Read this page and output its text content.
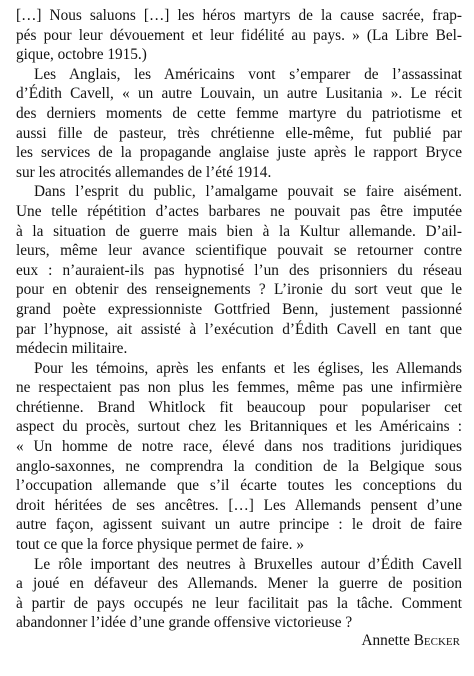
[…] Nous saluons […] les héros martyrs de la cause sacrée, frap-
pés pour leur dévouement et leur fidélité au pays. » (La Libre Bel-
gique, octobre 1915.)

Les Anglais, les Américains vont s’emparer de l’assassinat
d’Édith Cavell, « un autre Louvain, un autre Lusitania ». Le récit
des derniers moments de cette femme martyre du patriotisme et
aussi fille de pasteur, très chrétienne elle-même, fut publié par
les services de la propagande anglaise juste après le rapport Bryce
sur les atrocités allemandes de l’été 1914.

Dans l’esprit du public, l’amalgame pouvait se faire aisément.
Une telle répétition d’actes barbares ne pouvait pas être imputée
à la situation de guerre mais bien à la Kultur allemande. D’ail-
leurs, même leur avance scientifique pouvait se retourner contre
eux : n’auraient-ils pas hypnotisé l’un des prisonniers du réseau
pour en obtenir des renseignements ? L’ironie du sort veut que le
grand poète expressionniste Gottfried Benn, justement passionné
par l’hypnose, ait assisté à l’exécution d’Édith Cavell en tant que
médecin militaire.

Pour les témoins, après les enfants et les églises, les Allemands
ne respectaient pas non plus les femmes, même pas une infirmière
chrétienne. Brand Whitlock fit beaucoup pour populariser cet
aspect du procès, surtout chez les Britanniques et les Américains :
« Un homme de notre race, élevé dans nos traditions juridiques
anglo-saxonnes, ne comprendra la condition de la Belgique sous
l’occupation allemande que s’il écarte toutes les conceptions du
droit héritées de ses ancêtres. […] Les Allemands pensent d’une
autre façon, agissent suivant un autre principe : le droit de faire
tout ce que la force physique permet de faire. »

Le rôle important des neutres à Bruxelles autour d’Édith Cavell
a joué en défaveur des Allemands. Mener la guerre de position
à partir de pays occupés ne leur facilitait pas la tâche. Comment
abandonner l’idée d’une grande offensive victorieuse ?

Annette Becker
